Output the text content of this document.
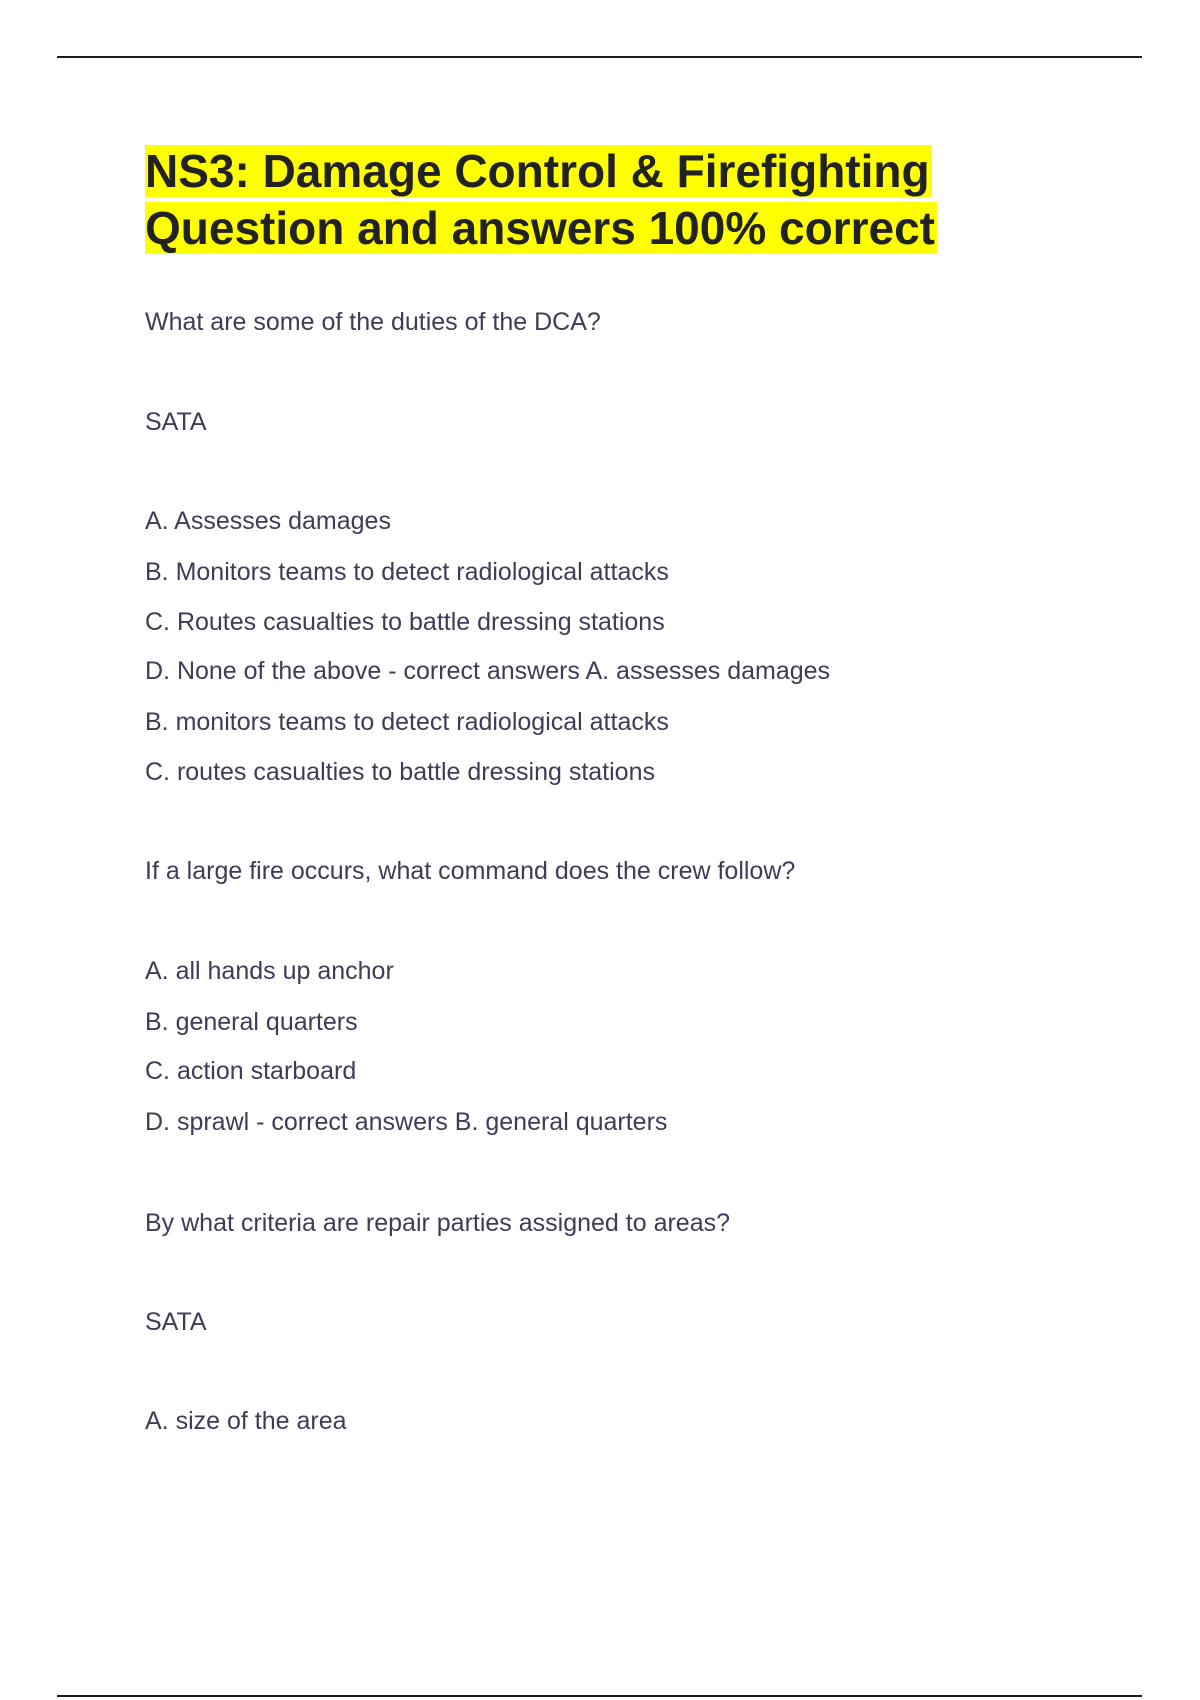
NS3: Damage Control & Firefighting
Question and answers 100% correct

What are some of the duties of the DCA?

SATA

A. Assesses damages

B. Monitors teams to detect radiological attacks

C. Routes casualties to battle dressing stations

D. None of the above - correct answers A. assesses damages

B. monitors teams to detect radiological attacks

C. routes casualties to battle dressing stations

If a large fire occurs, what command does the crew follow?

A. all hands up anchor

B. general quarters

C. action starboard

D. sprawl - correct answers B. general quarters

By what criteria are repair parties assigned to areas?

SATA

A. size of the area
